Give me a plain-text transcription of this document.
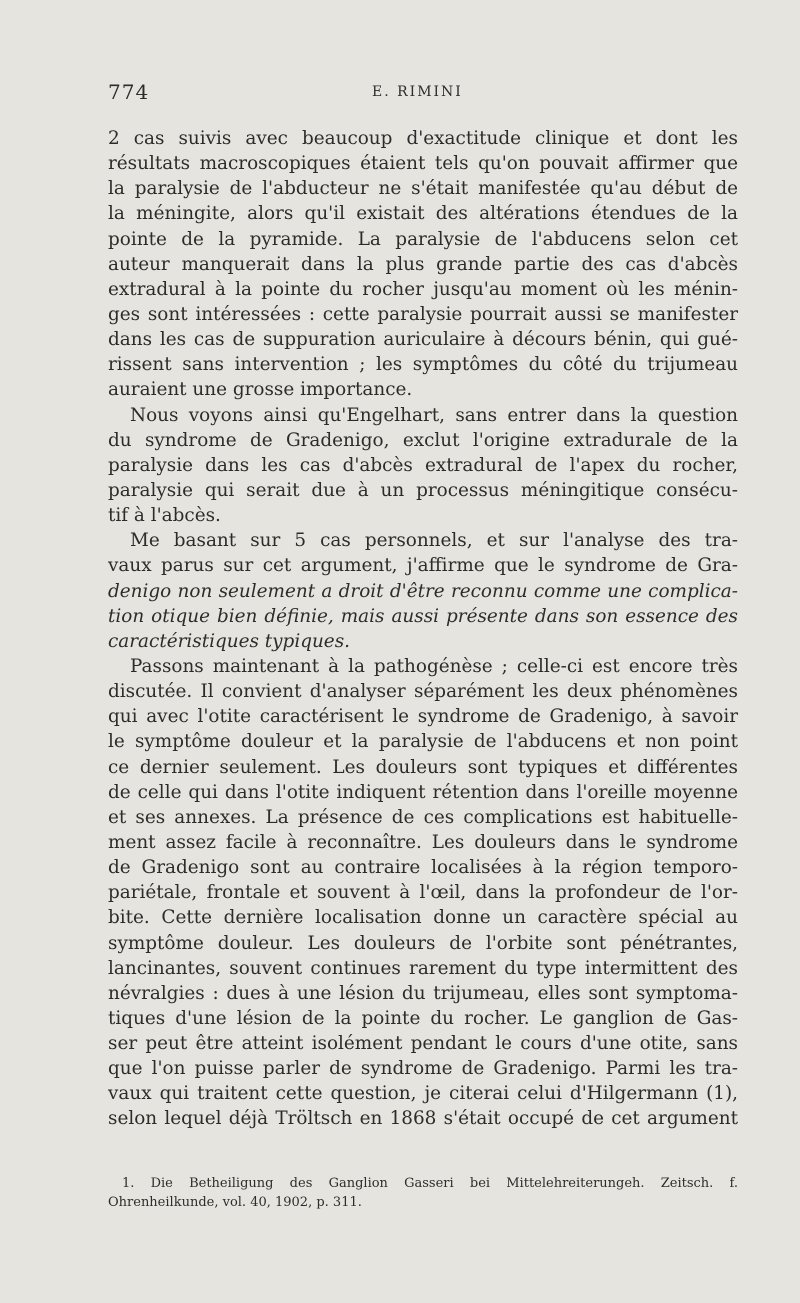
774	E. RIMINI
2 cas suivis avec beaucoup d'exactitude clinique et dont les
résultats macroscopiques étaient tels qu'on pouvait affirmer que
la paralysie de l'abducteur ne s'était manifestée qu'au début de
la méningite, alors qu'il existait des altérations étendues de la
pointe de la pyramide. La paralysie de l'abducens selon cet
auteur manquerait dans la plus grande partie des cas d'abcès
extradural à la pointe du rocher jusqu'au moment où les ménin-
ges sont intéressées : cette paralysie pourrait aussi se manifester
dans les cas de suppuration auriculaire à décours bénin, qui gué-
rissent sans intervention ; les symptômes du côté du trijumeau
auraient une grosse importance.
Nous voyons ainsi qu'Engelhart, sans entrer dans la question
du syndrome de Gradenigo, exclut l'origine extradurale de la
paralysie dans les cas d'abcès extradural de l'apex du rocher,
paralysie qui serait due à un processus méningitique consécu-
tif à l'abcès.
Me basant sur 5 cas personnels, et sur l'analyse des tra-
vaux parus sur cet argument, j'affirme que le syndrome de Gra-
denigo non seulement a droit d'être reconnu comme une complica-
tion otique bien définie, mais aussi présente dans son essence des
caractéristiques typiques.
Passons maintenant à la pathogénèse ; celle-ci est encore très
discutée. Il convient d'analyser séparément les deux phénomènes
qui avec l'otite caractérisent le syndrome de Gradenigo, à savoir
le symptôme douleur et la paralysie de l'abducens et non point
ce dernier seulement. Les douleurs sont typiques et différentes
de celle qui dans l'otite indiquent rétention dans l'oreille moyenne
et ses annexes. La présence de ces complications est habituelle-
ment assez facile à reconnaître. Les douleurs dans le syndrome
de Gradenigo sont au contraire localisées à la région temporo-
pariétale, frontale et souvent à l'œil, dans la profondeur de l'or-
bite. Cette dernière localisation donne un caractère spécial au
symptôme douleur. Les douleurs de l'orbite sont pénétrantes,
lancinantes, souvent continues rarement du type intermittent des
névralgies : dues à une lésion du trijumeau, elles sont symptoma-
tiques d'une lésion de la pointe du rocher. Le ganglion de Gas-
ser peut être atteint isolément pendant le cours d'une otite, sans
que l'on puisse parler de syndrome de Gradenigo. Parmi les tra-
vaux qui traitent cette question, je citerai celui d'Hilgermann (1),
selon lequel déjà Tröltsch en 1868 s'était occupé de cet argument
1. Die Betheiligung des Ganglion Gasseri bei Mittelehreiterungeh. Zeitsch. f.
Ohrenheilkunde, vol. 40, 1902, p. 311.
